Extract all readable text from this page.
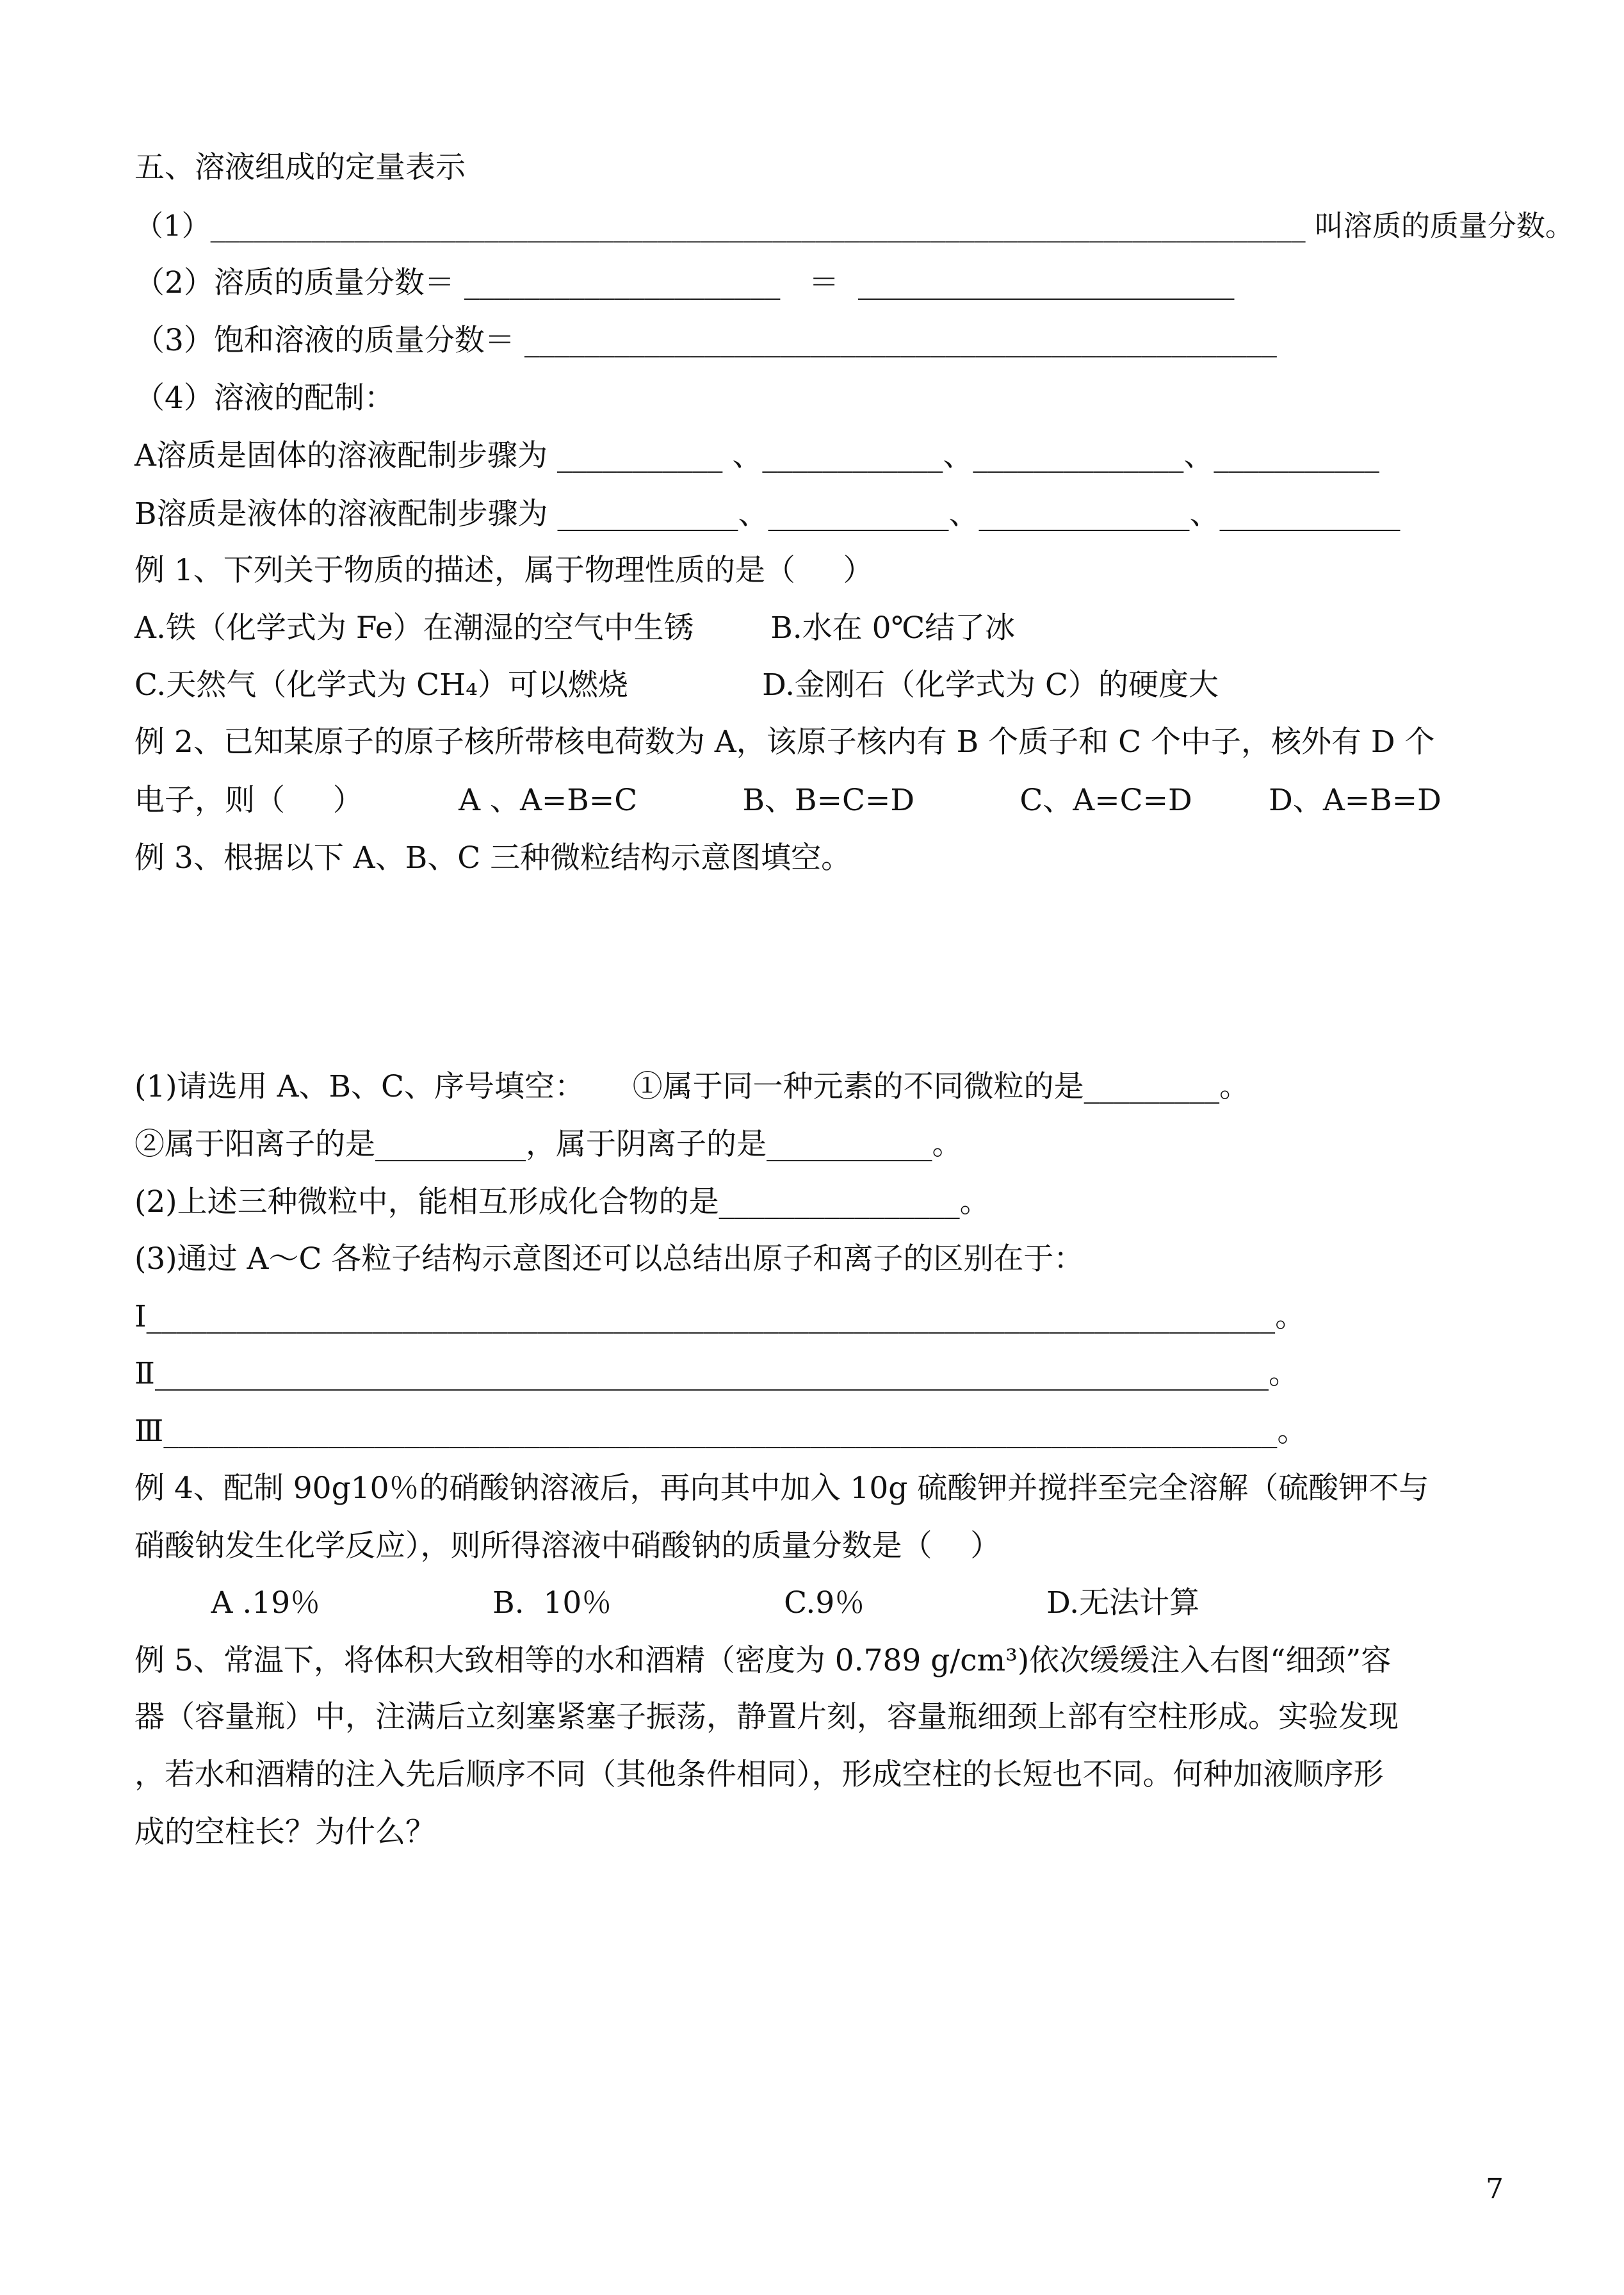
五、溶液组成的定量表示
（1）____________________________________________________________________________ 叫溶质的质量分数。
（2）溶质的质量分数＝ _____________________   ＝  _________________________
（3）饱和溶液的质量分数＝ __________________________________________________
（4）溶液的配制：
A溶质是固体的溶液配制步骤为 ___________ 、____________、______________、___________
B溶质是液体的溶液配制步骤为 ____________、____________、______________、____________
例 1、下列关于物质的描述，属于物理性质的是（     ）
A.铁（化学式为 Fe）在潮湿的空气中生锈        B.水在 0℃结了冰
C.天然气（化学式为 CH₄）可以燃烧              D.金刚石（化学式为 C）的硬度大
例 2、已知某原子的原子核所带核电荷数为 A，该原子核内有 B 个质子和 C 个中子，核外有 D 个
电子，则（     ）          A 、A=B=C           B、B=C=D           C、A=C=D        D、A=B=D
例 3、根据以下 A、B、C 三种微粒结构示意图填空。
(1)请选用 A、B、C、序号填空：     ①属于同一种元素的不同微粒的是_________。
②属于阳离子的是__________，属于阴离子的是___________。
(2)上述三种微粒中，能相互形成化合物的是________________。
(3)通过 A～C 各粒子结构示意图还可以总结出原子和离子的区别在于：
Ⅰ___________________________________________________________________________。
Ⅱ__________________________________________________________________________。
Ⅲ__________________________________________________________________________。
例 4、配制 90g10％的硝酸钠溶液后，再向其中加入 10g 硫酸钾并搅拌至完全溶解（硫酸钾不与
硝酸钠发生化学反应），则所得溶液中硝酸钠的质量分数是（    ）
A .19％                  B.  10％                  C.9％                   D.无法计算
例 5、常温下，将体积大致相等的水和酒精（密度为 0.789 g/cm³)依次缓缓注入右图“细颈”容
器（容量瓶）中，注满后立刻塞紧塞子振荡，静置片刻，容量瓶细颈上部有空柱形成。实验发现
，若水和酒精的注入先后顺序不同（其他条件相同），形成空柱的长短也不同。何种加液顺序形
成的空柱长？为什么？
7
